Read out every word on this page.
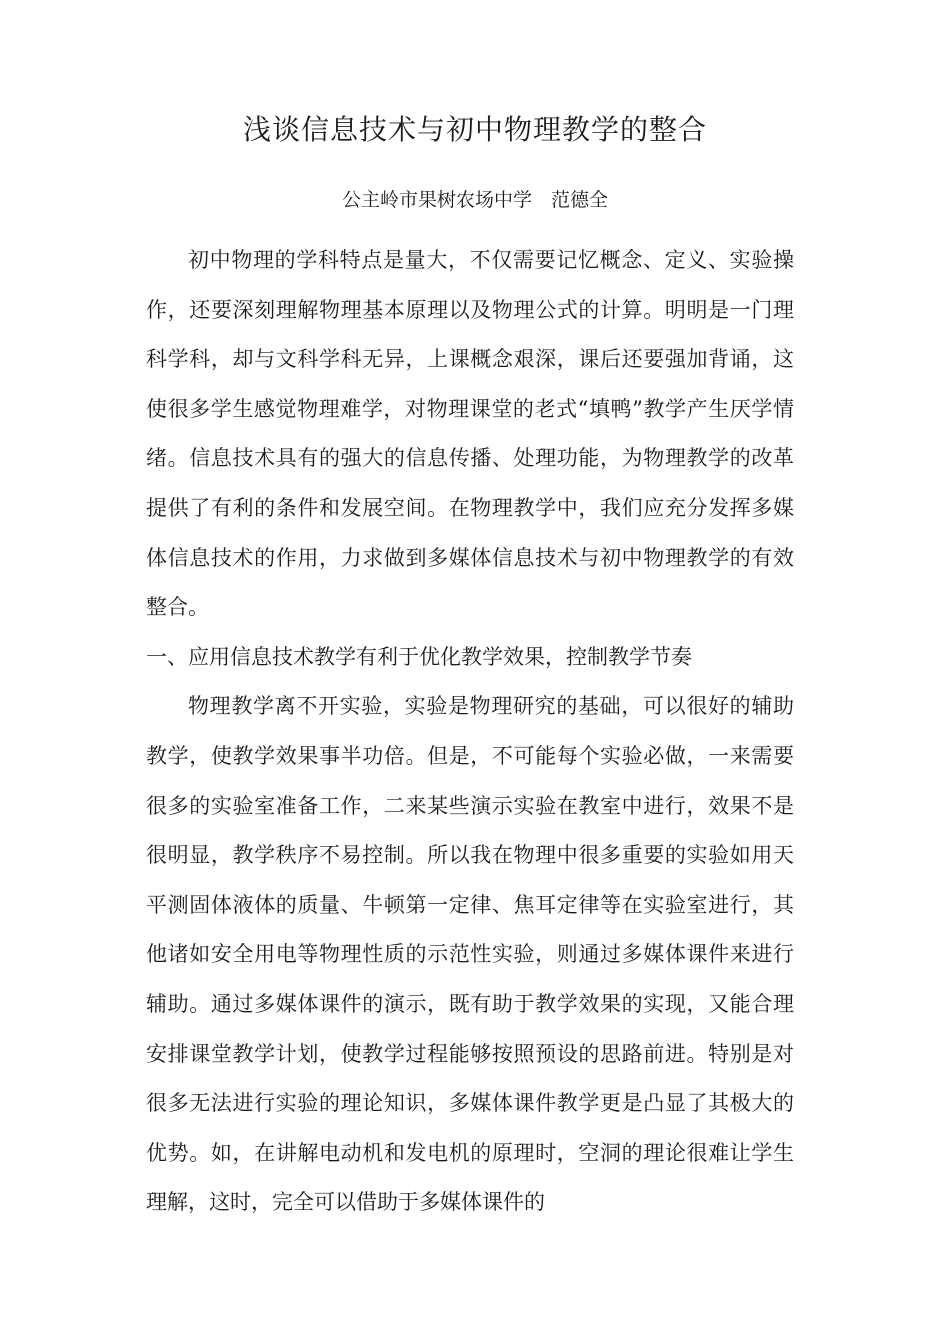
浅谈信息技术与初中物理教学的整合

公主岭市果树农场中学　范德全

初中物理的学科特点是量大，不仅需要记忆概念、定义、实验操作，还要深刻理解物理基本原理以及物理公式的计算。明明是一门理科学科，却与文科学科无异，上课概念艰深，课后还要强加背诵，这使很多学生感觉物理难学，对物理课堂的老式“填鸭”教学产生厌学情绪。信息技术具有的强大的信息传播、处理功能，为物理教学的改革提供了有利的条件和发展空间。在物理教学中，我们应充分发挥多媒体信息技术的作用，力求做到多媒体信息技术与初中物理教学的有效整合。

一、应用信息技术教学有利于优化教学效果，控制教学节奏

物理教学离不开实验，实验是物理研究的基础，可以很好的辅助教学，使教学效果事半功倍。但是，不可能每个实验必做，一来需要很多的实验室准备工作，二来某些演示实验在教室中进行，效果不是很明显，教学秩序不易控制。所以我在物理中很多重要的实验如用天平测固体液体的质量、牛顿第一定律、焦耳定律等在实验室进行，其他诸如安全用电等物理性质的示范性实验，则通过多媒体课件来进行辅助。通过多媒体课件的演示，既有助于教学效果的实现，又能合理安排课堂教学计划，使教学过程能够按照预设的思路前进。特别是对很多无法进行实验的理论知识，多媒体课件教学更是凸显了其极大的优势。如，在讲解电动机和发电机的原理时，空洞的理论很难让学生理解，这时，完全可以借助于多媒体课件的
